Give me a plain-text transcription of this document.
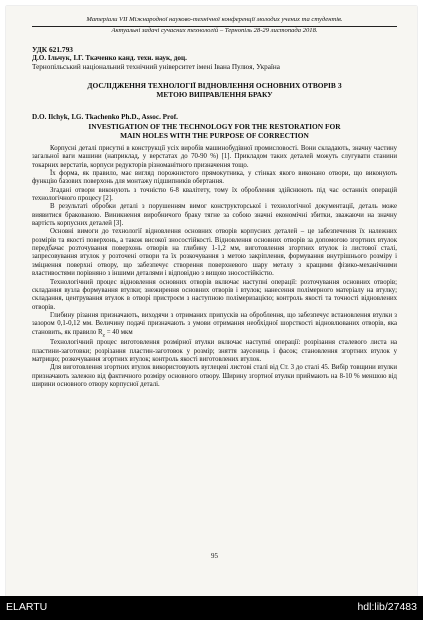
Матеріали VII Міжнародної науково-технічної конференції молодих учених та студентів.
Актуальні задачі сучасних технологій – Тернопіль 28-29 листопада 2018.
УДК 621.793
Д.О. Ільчук, І.Г. Ткаченко канд. техн. наук, доц.
Тернопільський національний технічний університет імені Івана Пулюя, Україна
ДОСЛІДЖЕННЯ ТЕХНОЛОГІЇ ВІДНОВЛЕННЯ ОСНОВНИХ ОТВОРІВ З
МЕТОЮ ВИПРАВЛЕННЯ БРАКУ
D.O. Ilchyk, I.G. Tkachenko Ph.D., Assoc. Prof.
INVESTIGATION OF THE TECHNOLOGY FOR THE RESTORATION FOR
MAIN HOLES WITH THE PURPOSE OF CORRECTION

Корпусні деталі присутні в конструкції усіх виробів машинобудівної промисловості. Вони складають, значну частину загальної ваги машини (наприклад, у верстатах до 70-90 %) [1]. Прикладом таких деталей можуть слугувати станини токарних верстатів, корпуси редукторів різноманітного призначення тощо.

Їх форма, як правило, має вигляд порожнистого прямокутника, у стінках якого виконано отвори, що виконують функцію базових поверхонь для монтажу підшипників обертання.

Згадані отвори виконують з точністю 6-8 квалітету, тому їх оброблення здійснюють під час останніх операцій технологічного процесу [2].

В результаті обробки деталі з порушенням вимог конструкторської і технологічної документації, деталь може виявитися бракованою. Виникнення виробничого браку тягне за собою значні економічні збитки, зважаючи на значну вартість корпусних деталей [3].

Основні вимоги до технології відновлення основних отворів корпусних деталей – це забезпечення їх належних розмірів та якості поверхонь, а також високої зносостійкості. Відновлення основних отворів за допомогою згортних втулок передбачає розточування поверхонь отворів на глибину 1-1,2 мм, виготовлення згортних втулок із листової сталі, запресовування втулок у розточені отвори та їх розкочування з метою закріплення, формування внутрішнього розміру і зміцнення поверхні отвору, що забезпечує створення поверхневого шару металу з кращими фізико-механічними властивостями порівняно з іншими деталями і відповідно з вищою зносостійкістю.

Технологічний процес відновлення основних отворів включає наступні операції: розточування основних отворів; складання вузла формування втулки; знежирення основних отворів і втулок; нанесення полімерного матеріалу на втулку; складання, центрування втулок в отворі пристроєм з наступною полімеризацією; контроль якості та точності відновлених отворів.

Глибину різання призначають, виходячи з отриманих припусків на оброблення, що забезпечує встановлення втулки з зазором 0,1-0,12 мм. Величину подачі призначають з умови отримання необхідної шорсткості відновлюваних отворів, яка становить, як правило $R_z = 40$ мкм

Технологічний процес виготовлення розмірної втулки включає наступні операції: розрізання сталевого листа на пластини-заготовки; розрізання пластин-заготовок у розмір; зняття заусениць і фасок; становлення згортних втулок у матрицю; розкочування згортних втулок; контроль якості виготовлених втулок.

Для виготовлення згортних втулок використовують вуглецеві листові сталі від Ст. 3 до сталі 45. Вибір товщини втулки призначають залежно від фактичного розміру основного отвору. Ширину згортної втулки приймають на 8-10 % меншою від ширини основного отвору корпусної деталі.

95
ELARTU	hdl:lib/27483
